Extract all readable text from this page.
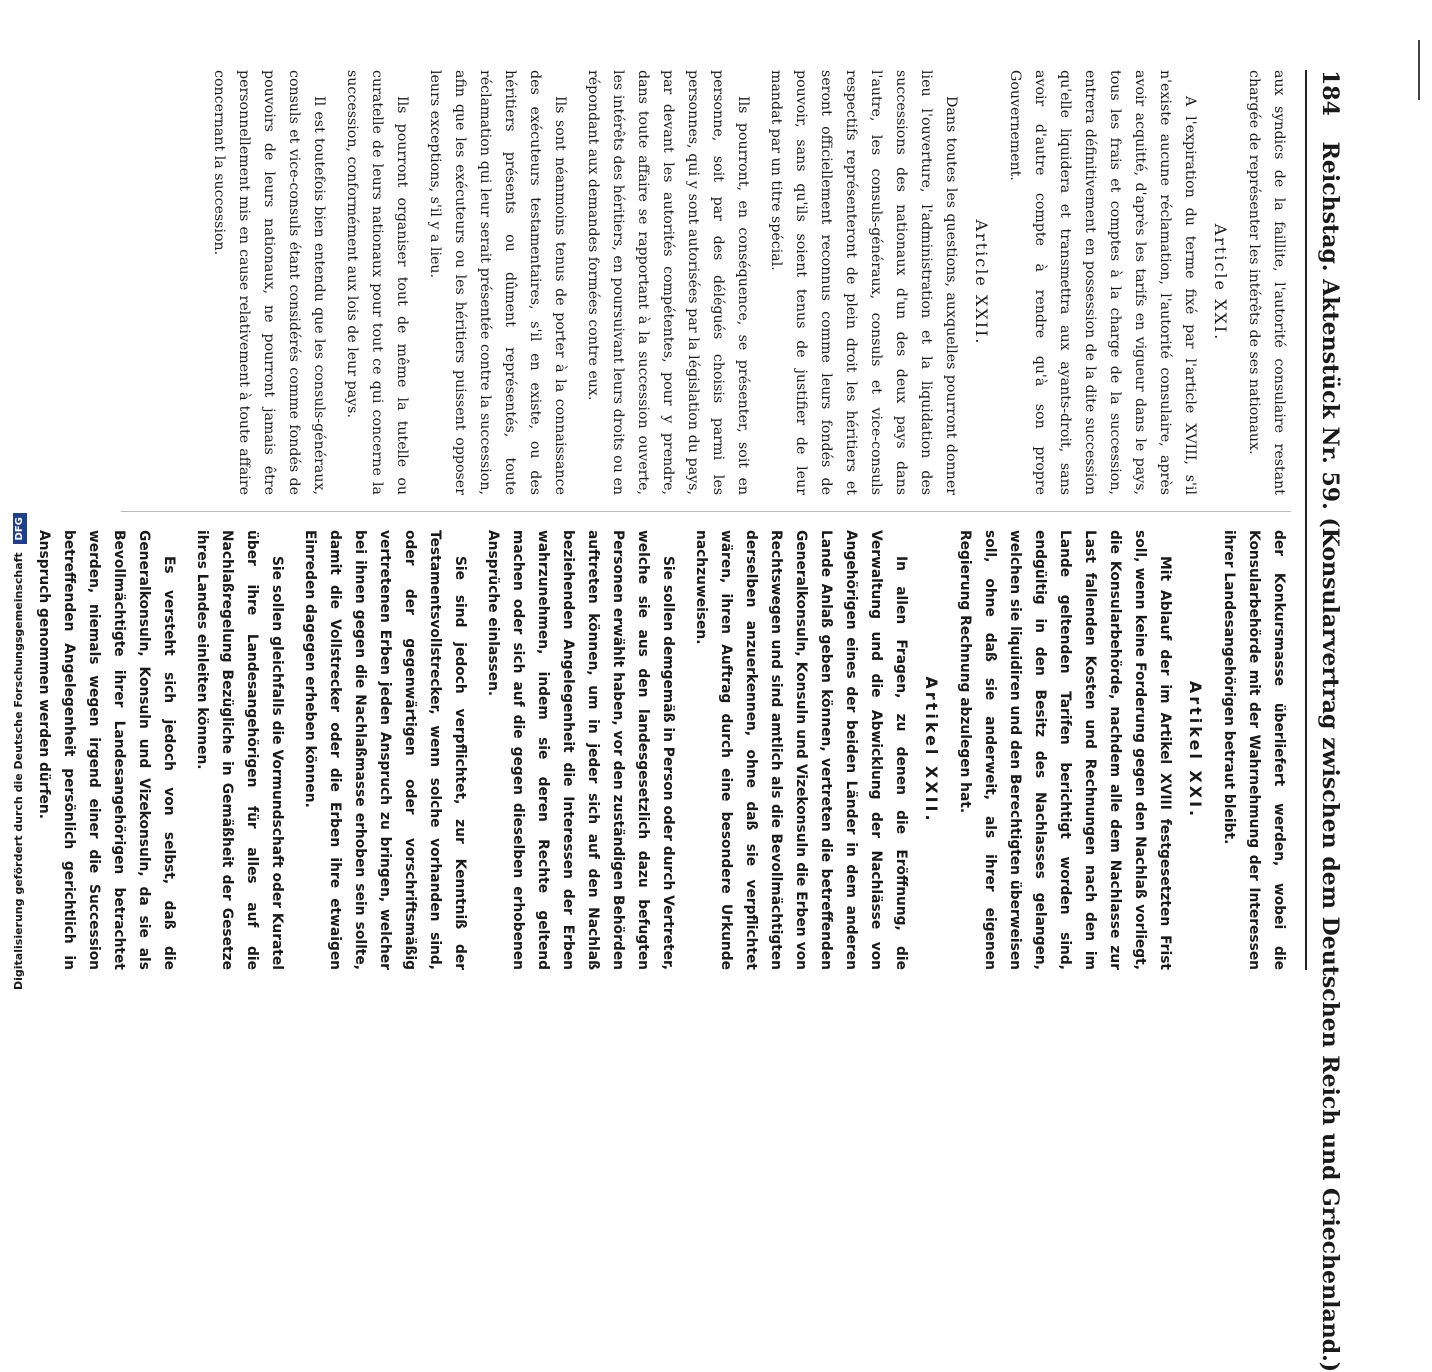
184 Reichstag. Aktenstück Nr. 59. (Konsularvertrag zwischen dem Deutschen Reich und Griechenland.)

aux syndics de la faillite, l'autorité consulaire restant chargée de représenter les intérêts de ses nationaux.

Article XXI.

A l'expiration du terme fixé par l'article XVIII, s'il n'existe aucune réclamation, l'autorité consulaire, après avoir acquitté, d'après les tarifs en vigueur dans le pays, tous les frais et comptes à la charge de la succession, entrera définitivement en possession de la dite succession qu'elle liquidera et transmettra aux ayants-droit, sans avoir d'autre compte à rendre qu'à son propre Gouvernement.

Article XXII.

Dans toutes les questions, auxquelles pourront donner lieu l'ouverture, l'administration et la liquidation des successions des nationaux d'un des deux pays dans l'autre, les consuls-généraux, consuls et vice-consuls respectifs représenteront de plein droit les héritiers et seront officiellement reconnus comme leurs fondés de pouvoir, sans qu'ils soient tenus de justifier de leur mandat par un titre spécial.

Ils pourront, en conséquence, se présenter, soit en personne, soit par des délégués choisis parmi les personnes, qui y sont autorisées par la législation du pays, par devant les autorités compétentes, pour y prendre, dans toute affaire se rapportant à la succession ouverte, les intérêts des héritiers, en poursuivant leurs droits ou en répondant aux demandes formées contre eux.

Ils sont néanmoins tenus de porter à la connaissance des exécuteurs testamentaires, s'il en existe, ou des héritiers présents ou dûment représentés, toute réclamation qui leur serait présentée contre la succession, afin que les exécuteurs ou les héritiers puissent opposer leurs exceptions, s'il y a lieu.

Ils pourront organiser tout de même la tutelle ou curatelle de leurs nationaux pour tout ce qui concerne la succession, conformément aux lois de leur pays.

Il est toutefois bien entendu que les consuls-généraux, consuls et vice-consuls étant considérés comme fondés de pouvoirs de leurs nationaux, ne pourront jamais être personnellement mis en cause relativement à toute affaire concernant la succession.

der Konkursmasse überliefert werden, wobei die Konsularbehörde mit der Wahrnehmung der Interessen ihrer Landesangehörigen betraut bleibt.

Artikel XXI.

Mit Ablauf der im Artikel XVIII festgesetzten Frist soll, wenn keine Forderung gegen den Nachlaß vorliegt, die Konsularbehörde, nachdem alle dem Nachlasse zur Last fallenden Kosten und Rechnungen nach den im Lande geltenden Tarifen berichtigt worden sind, endgültig in den Besitz des Nachlasses gelangen, welchen sie liquidiren und den Berechtigten überweisen soll, ohne daß sie anderweit, als ihrer eigenen Regierung Rechnung abzulegen hat.

Artikel XXII.

In allen Fragen, zu denen die Eröffnung, die Verwaltung und die Abwicklung der Nachlässe von Angehörigen eines der beiden Länder in dem anderen Lande Anlaß geben können, vertreten die betreffenden Generalkonsuln, Konsuln und Vizekonsuln die Erben von Rechtswegen und sind amtlich als die Bevollmächtigten derselben anzuerkennen, ohne daß sie verpflichtet wären, ihren Auftrag durch eine besondere Urkunde nachzuweisen.

Sie sollen demgemäß in Person oder durch Vertreter, welche sie aus den landesgesetzlich dazu befugten Personen erwählt haben, vor den zuständigen Behörden auftreten können, um in jeder sich auf den Nachlaß beziehenden Angelegenheit die Interessen der Erben wahrzunehmen, indem sie deren Rechte geltend machen oder sich auf die gegen dieselben erhobenen Ansprüche einlassen.

Sie sind jedoch verpflichtet, zur Kenntniß der Testamentsvollstrecker, wenn solche vorhanden sind, oder der gegenwärtigen oder vorschriftsmäßig vertretenen Erben jeden Anspruch zu bringen, welcher bei ihnen gegen die Nachlaßmasse erhoben sein sollte, damit die Vollstrecker oder die Erben ihre etwaigen Einreden dagegen erheben können.

Sie sollen gleichfalls die Vormundschaft oder Kuratel über ihre Landesangehörigen für alles auf die Nachlaßregelung Bezügliche in Gemäßheit der Gesetze ihres Landes einleiten können.

Es versteht sich jedoch von selbst, daß die Generalkonsuln, Konsuln und Vizekonsuln, da sie als Bevollmächtigte ihrer Landesangehörigen betrachtet werden, niemals wegen irgend einer die Succession betreffenden Angelegenheit persönlich gerichtlich in Anspruch genommen werden dürfen.

Digitalisierung gefördert durch die Deutsche Forschungsgemeinschaft DFG
